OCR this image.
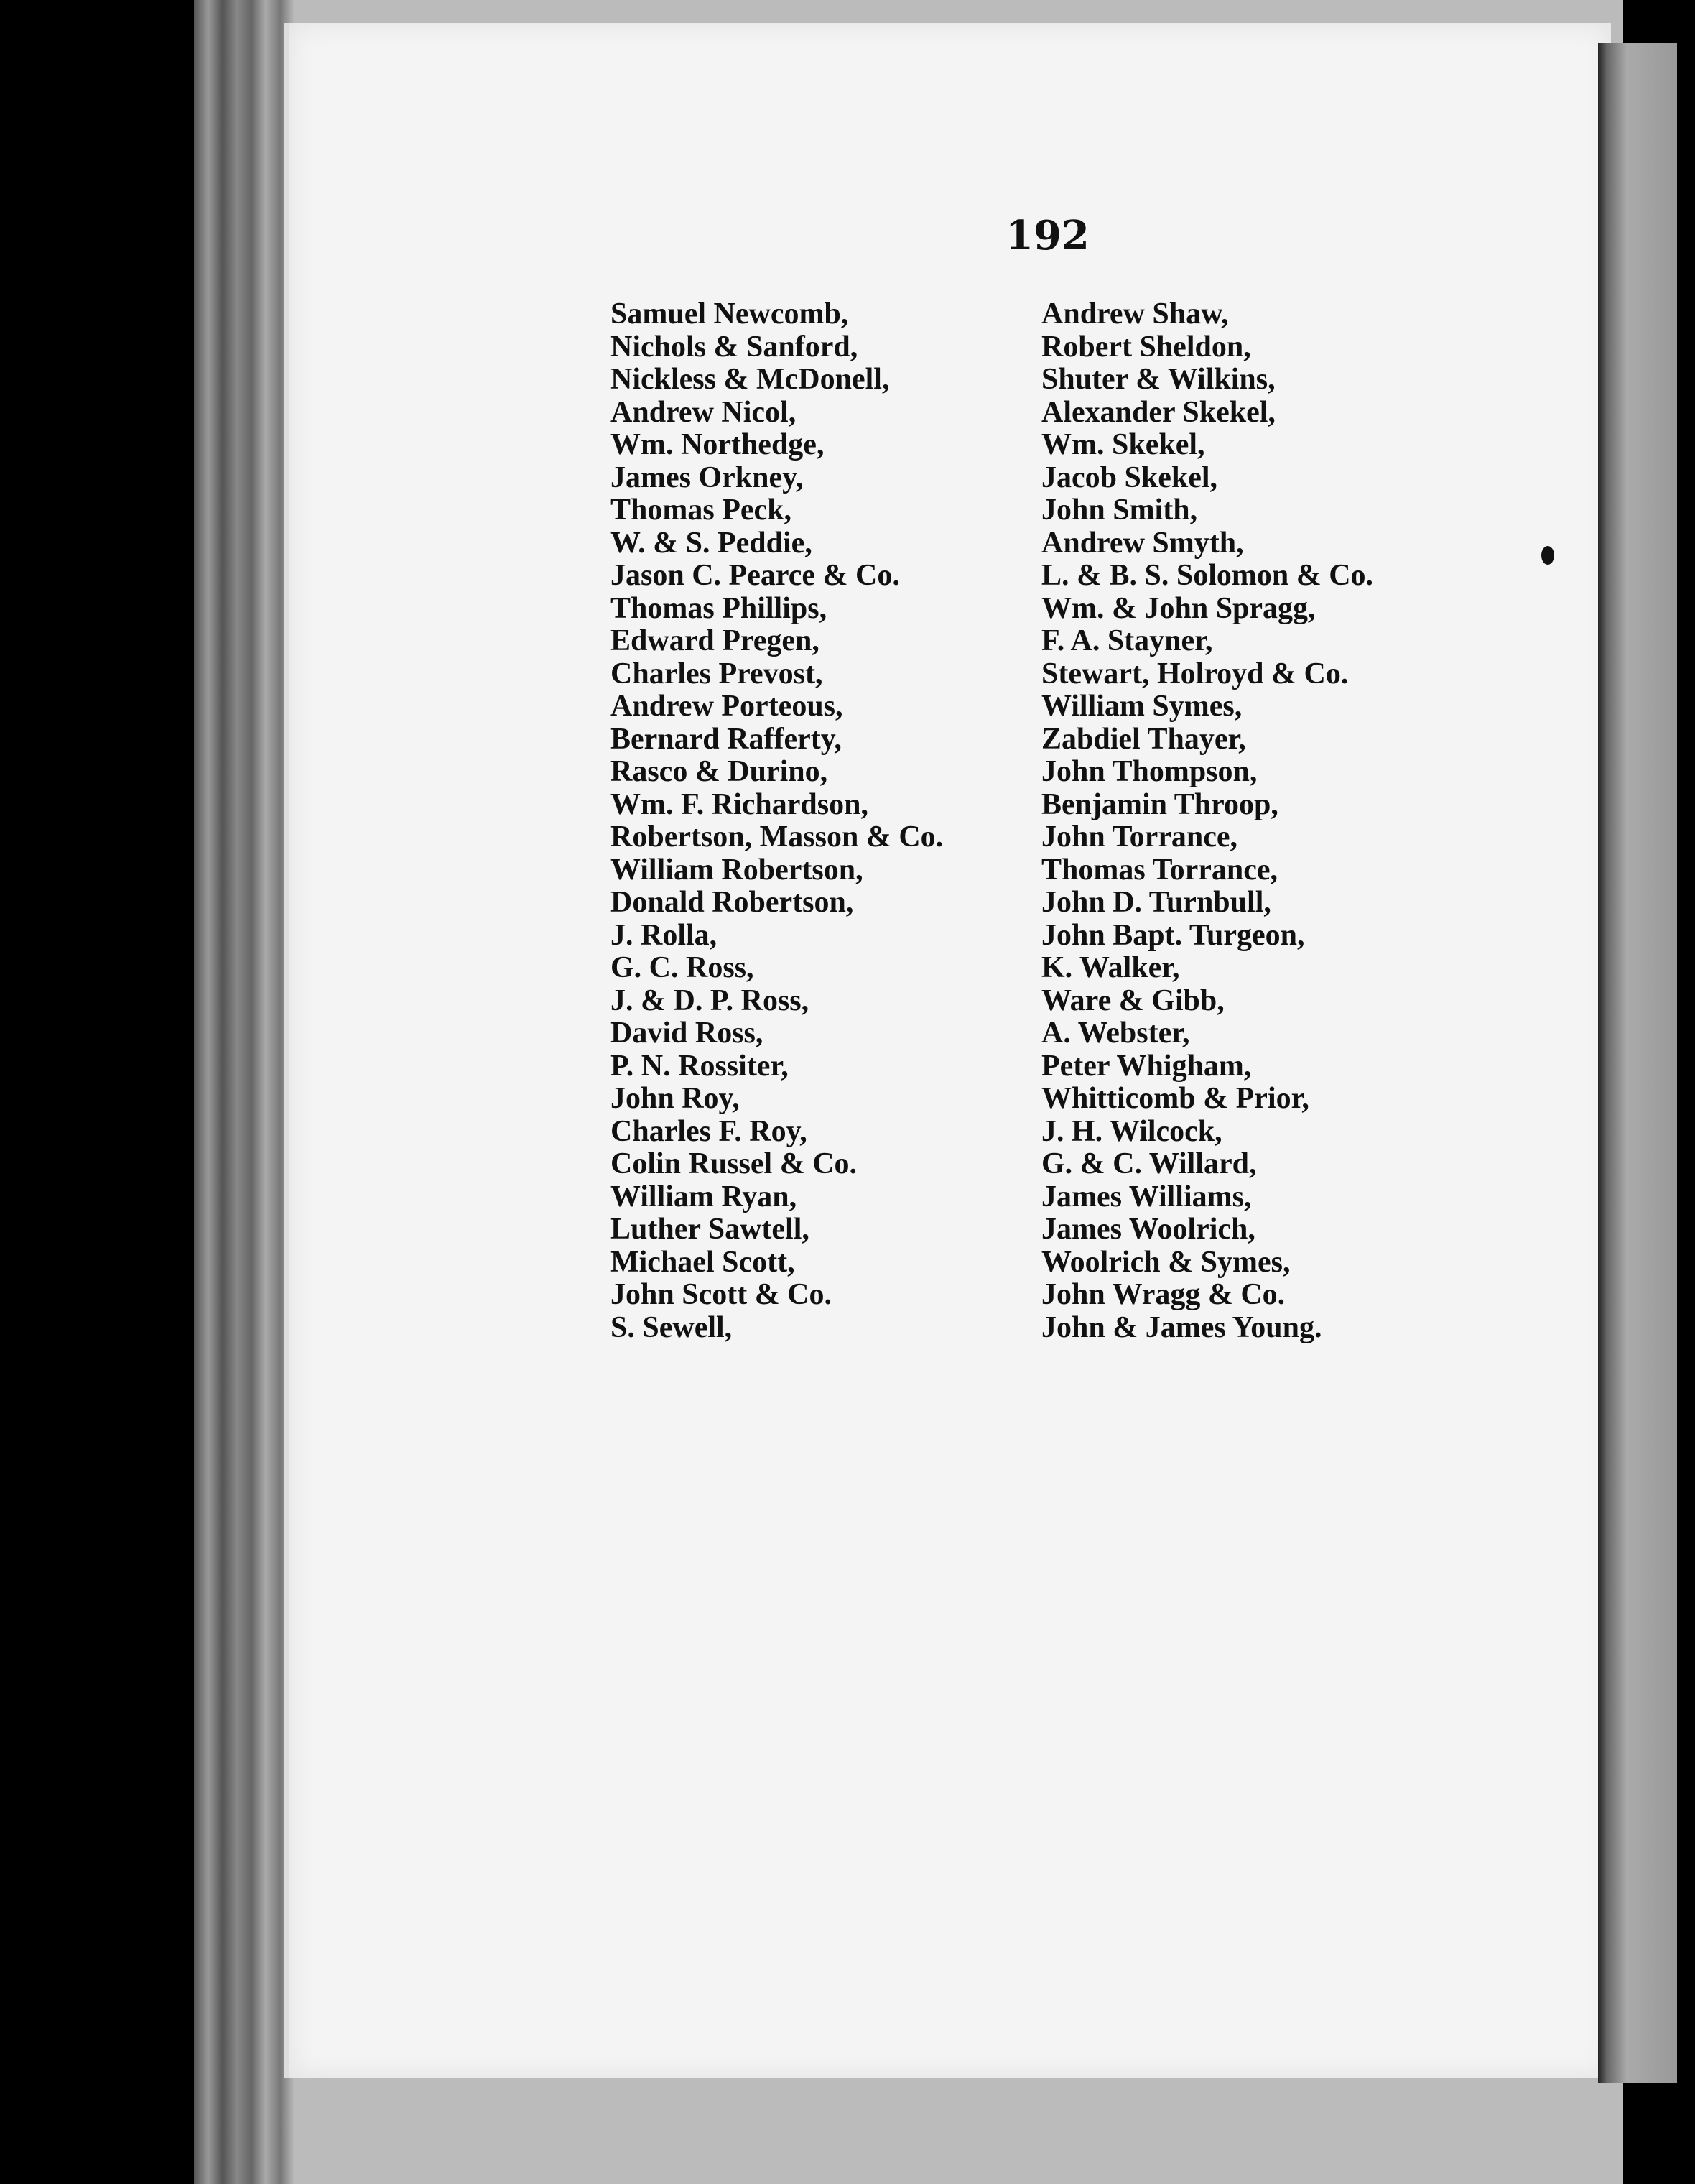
192
Samuel Newcomb,
Nichols & Sanford,
Nickless & McDonell,
Andrew Nicol,
Wm. Northedge,
James Orkney,
Thomas Peck,
W. & S. Peddie,
Jason C. Pearce & Co.
Thomas Phillips,
Edward Pregen,
Charles Prevost,
Andrew Porteous,
Bernard Rafferty,
Rasco & Durino,
Wm. F. Richardson,
Robertson, Masson & Co.
William Robertson,
Donald Robertson,
J. Rolla,
G. C. Ross,
J. & D. P. Ross,
David Ross,
P. N. Rossiter,
John Roy,
Charles F. Roy,
Colin Russel & Co.
William Ryan,
Luther Sawtell,
Michael Scott,
John Scott & Co.
S. Sewell,
Andrew Shaw,
Robert Sheldon,
Shuter & Wilkins,
Alexander Skekel,
Wm. Skekel,
Jacob Skekel,
John Smith,
Andrew Smyth,
L. & B. S. Solomon & Co.
Wm. & John Spragg,
F. A. Stayner,
Stewart, Holroyd & Co.
William Symes,
Zabdiel Thayer,
John Thompson,
Benjamin Throop,
John Torrance,
Thomas Torrance,
John D. Turnbull,
John Bapt. Turgeon,
K. Walker,
Ware & Gibb,
A. Webster,
Peter Whigham,
Whitticomb & Prior,
J. H. Wilcock,
G. & C. Willard,
James Williams,
James Woolrich,
Woolrich & Symes,
John Wragg & Co.
John & James Young.
